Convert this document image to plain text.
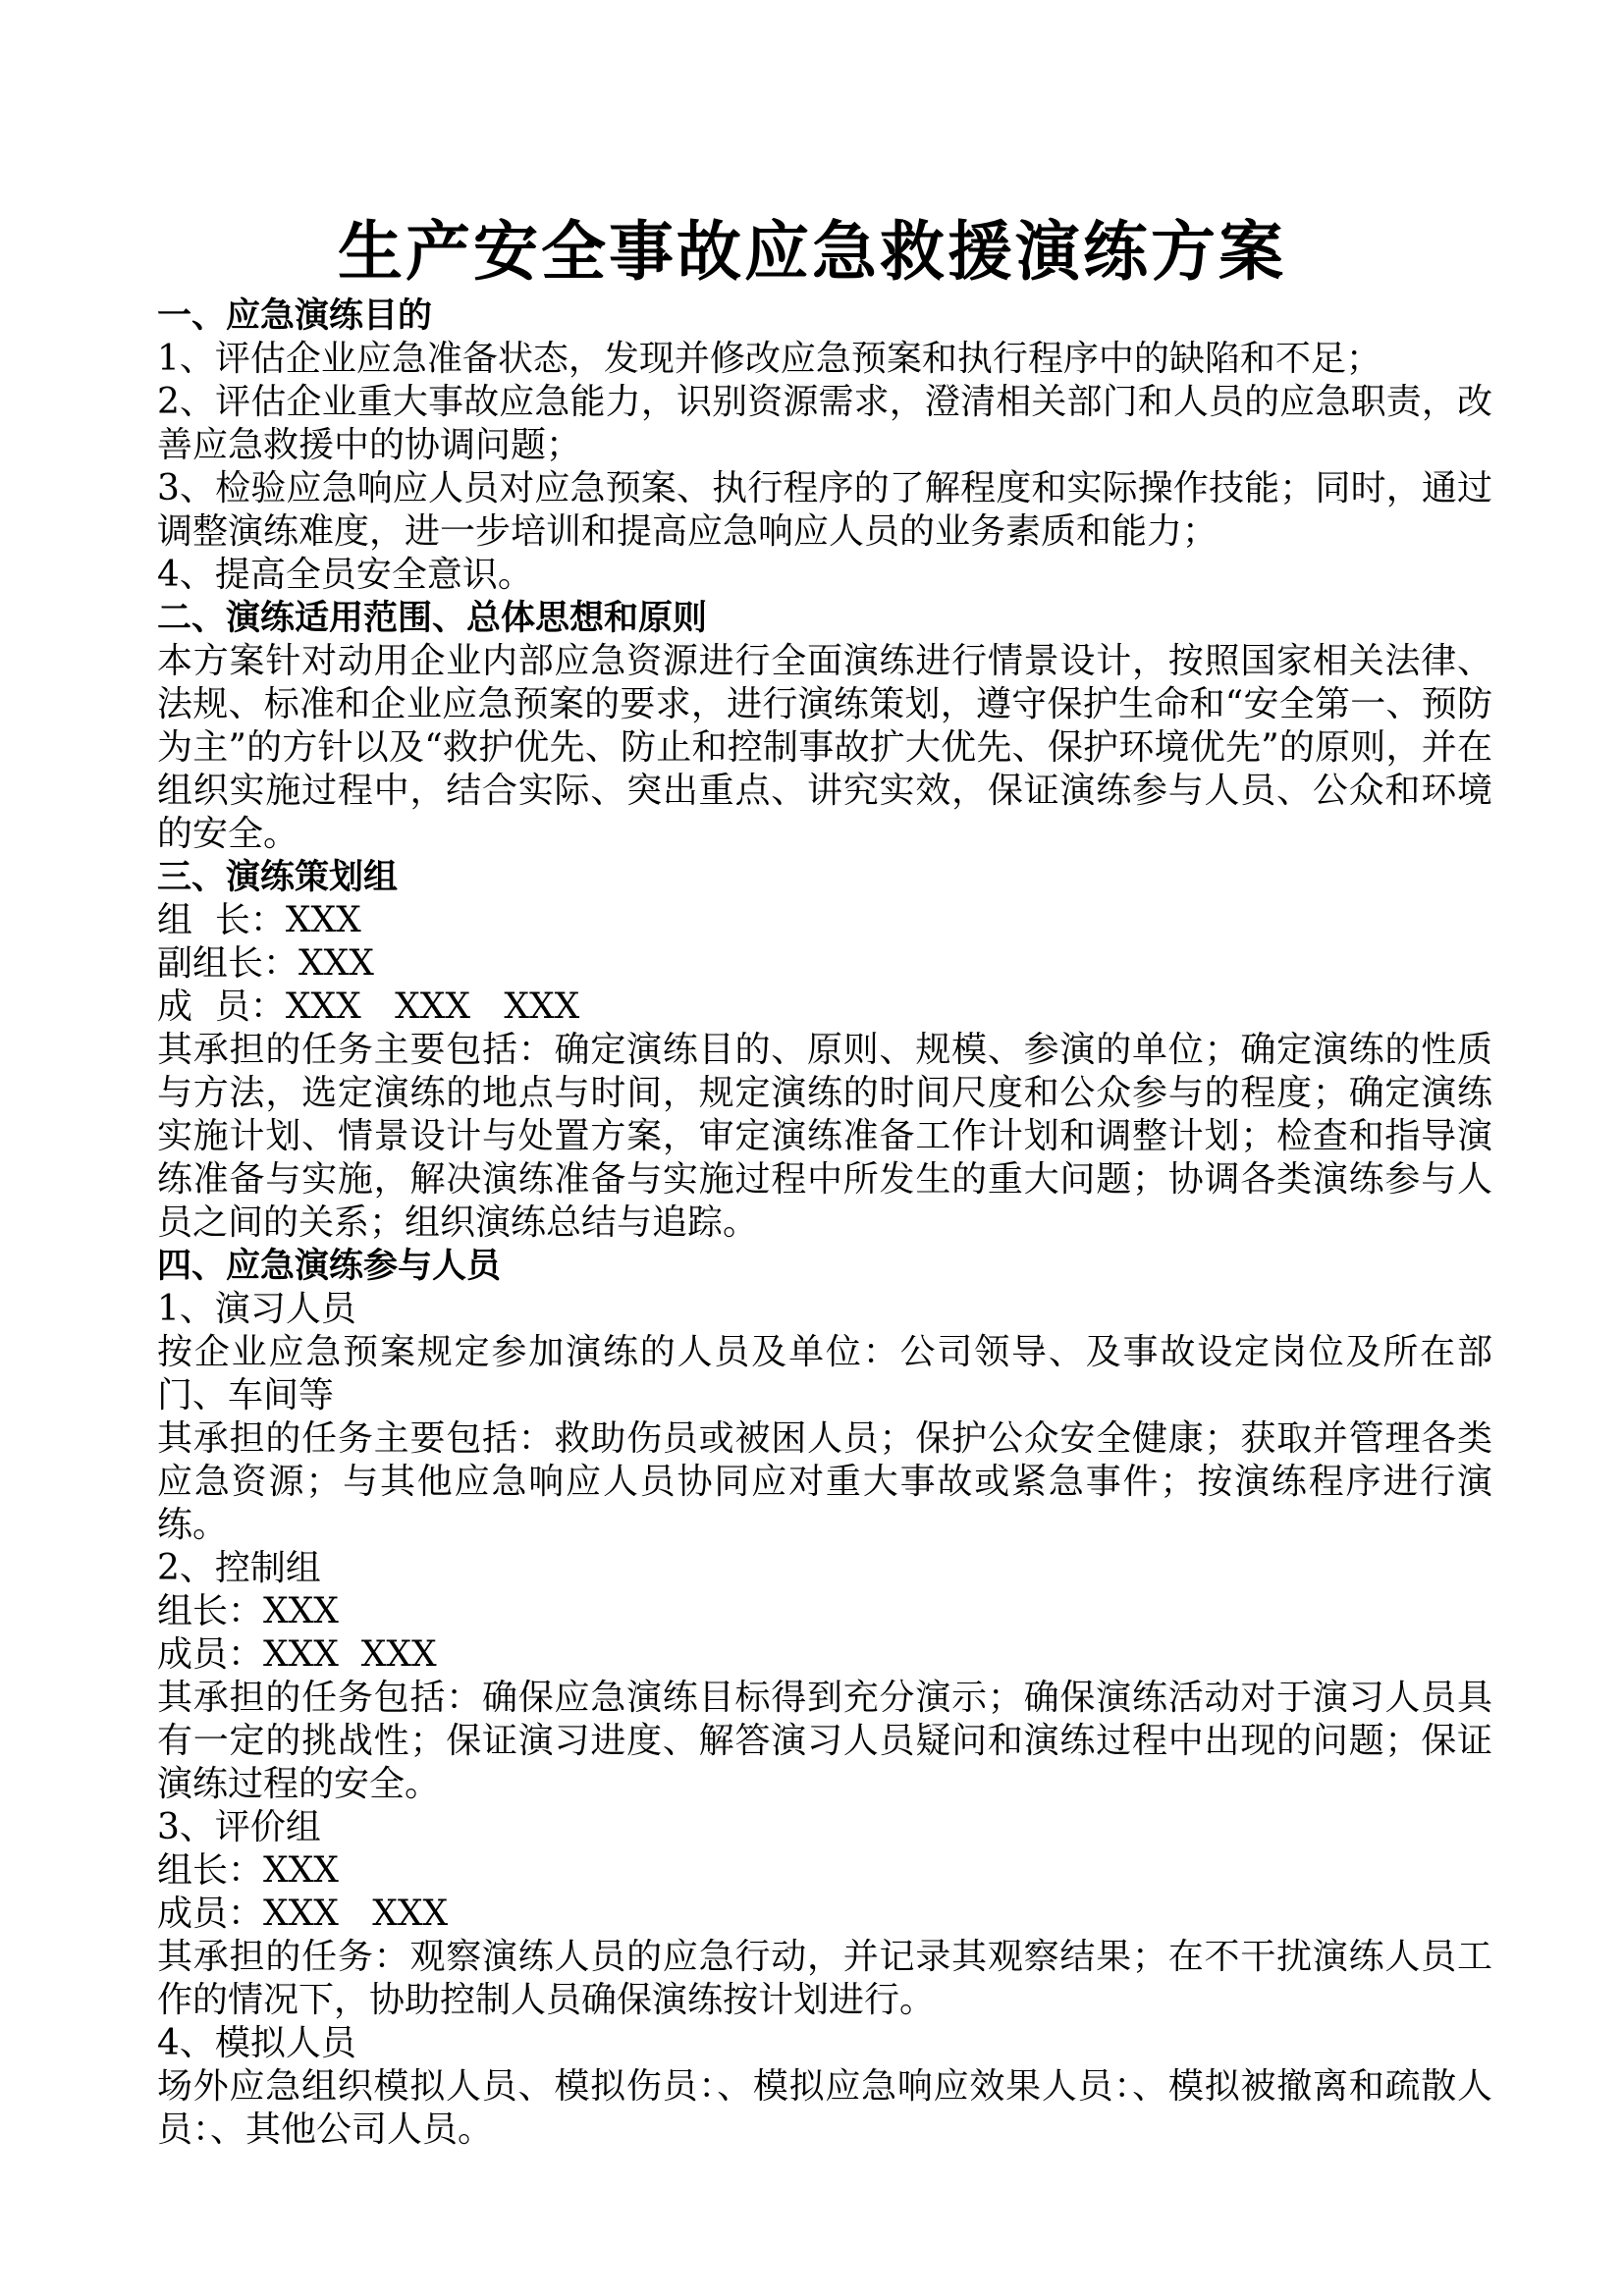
生产安全事故应急救援演练方案
一、应急演练目的

1、评估企业应急准备状态，发现并修改应急预案和执行程序中的缺陷和不足；

2、评估企业重大事故应急能力，识别资源需求，澄清相关部门和人员的应急职责，改善应急救援中的协调问题；

3、检验应急响应人员对应急预案、执行程序的了解程度和实际操作技能；同时，通过调整演练难度，进一步培训和提高应急响应人员的业务素质和能力；

4、提高全员安全意识。

二、演练适用范围、总体思想和原则

本方案针对动用企业内部应急资源进行全面演练进行情景设计，按照国家相关法律、法规、标准和企业应急预案的要求，进行演练策划，遵守保护生命和“安全第一、预防为主”的方针以及“救护优先、防止和控制事故扩大优先、保护环境优先”的原则，并在组织实施过程中，结合实际、突出重点、讲究实效，保证演练参与人员、公众和环境的安全。

三、演练策划组

组  长：XXX

副组长：XXX

成  员：XXX   XXX   XXX

其承担的任务主要包括：确定演练目的、原则、规模、参演的单位；确定演练的性质与方法，选定演练的地点与时间，规定演练的时间尺度和公众参与的程度；确定演练实施计划、情景设计与处置方案，审定演练准备工作计划和调整计划；检查和指导演练准备与实施，解决演练准备与实施过程中所发生的重大问题；协调各类演练参与人员之间的关系；组织演练总结与追踪。

四、应急演练参与人员

1、演习人员

按企业应急预案规定参加演练的人员及单位：公司领导、及事故设定岗位及所在部门、车间等

其承担的任务主要包括：救助伤员或被困人员；保护公众安全健康；获取并管理各类应急资源；与其他应急响应人员协同应对重大事故或紧急事件；按演练程序进行演练。

2、控制组

组长：XXX

成员：XXX  XXX

其承担的任务包括：确保应急演练目标得到充分演示；确保演练活动对于演习人员具有一定的挑战性；保证演习进度、解答演习人员疑问和演练过程中出现的问题；保证演练过程的安全。

3、评价组

组长：XXX

成员：XXX   XXX

其承担的任务：观察演练人员的应急行动，并记录其观察结果；在不干扰演练人员工作的情况下，协助控制人员确保演练按计划进行。

4、模拟人员

场外应急组织模拟人员、模拟伤员：、模拟应急响应效果人员：、模拟被撤离和疏散人员：、其他公司人员。
